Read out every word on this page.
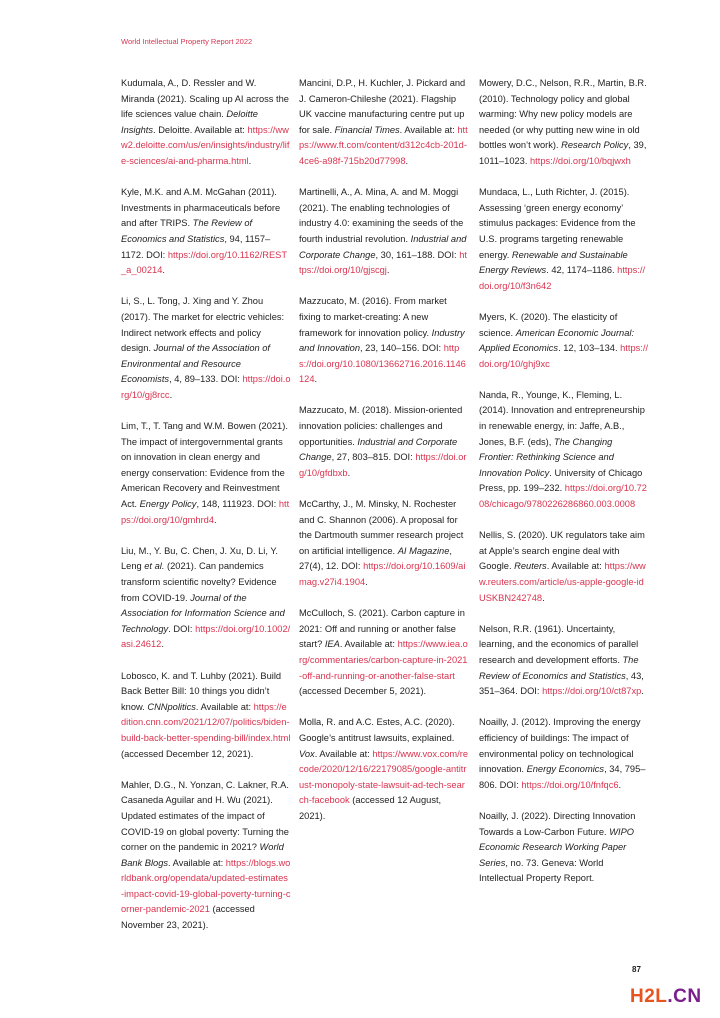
World Intellectual Property Report 2022

Kudumala, A., D. Ressler and W. Miranda (2021). Scaling up AI across the life sciences value chain. Deloitte Insights. Deloitte. Available at: https://www2.deloitte.com/us/en/insights/industry/life-sciences/ai-and-pharma.html.

Kyle, M.K. and A.M. McGahan (2011). Investments in pharmaceuticals before and after TRIPS. The Review of Economics and Statistics, 94, 1157–1172. DOI: https://doi.org/10.1162/REST_a_00214.

Li, S., L. Tong, J. Xing and Y. Zhou (2017). The market for electric vehicles: Indirect network effects and policy design. Journal of the Association of Environmental and Resource Economists, 4, 89–133. DOI: https://doi.org/10/gj8rcc.

Lim, T., T. Tang and W.M. Bowen (2021). The impact of intergovernmental grants on innovation in clean energy and energy conservation: Evidence from the American Recovery and Reinvestment Act. Energy Policy, 148, 111923. DOI: https://doi.org/10/gmhrd4.

Liu, M., Y. Bu, C. Chen, J. Xu, D. Li, Y. Leng et al. (2021). Can pandemics transform scientific novelty? Evidence from COVID-19. Journal of the Association for Information Science and Technology. DOI: https://doi.org/10.1002/asi.24612.

Lobosco, K. and T. Luhby (2021). Build Back Better Bill: 10 things you didn’t know. CNNpolitics. Available at: https://edition.cnn.com/2021/12/07/politics/biden-build-back-better-spending-bill/index.html (accessed December 12, 2021).

Mahler, D.G., N. Yonzan, C. Lakner, R.A. Casaneda Aguilar and H. Wu (2021). Updated estimates of the impact of COVID-19 on global poverty: Turning the corner on the pandemic in 2021? World Bank Blogs. Available at: https://blogs.worldbank.org/opendata/updated-estimates-impact-covid-19-global-poverty-turning-corner-pandemic-2021 (accessed November 23, 2021).

Mancini, D.P., H. Kuchler, J. Pickard and J. Cameron-Chileshe (2021). Flagship UK vaccine manufacturing centre put up for sale. Financial Times. Available at: https://www.ft.com/content/d312c4cb-201d-4ce6-a98f-715b20d77998.

Martinelli, A., A. Mina, A. and M. Moggi (2021). The enabling technologies of industry 4.0: examining the seeds of the fourth industrial revolution. Industrial and Corporate Change, 30, 161–188. DOI: https://doi.org/10/gjscgj.

Mazzucato, M. (2016). From market fixing to market-creating: A new framework for innovation policy. Industry and Innovation, 23, 140–156. DOI: https://doi.org/10.1080/13662716.2016.1146124.

Mazzucato, M. (2018). Mission-oriented innovation policies: challenges and opportunities. Industrial and Corporate Change, 27, 803–815. DOI: https://doi.org/10/gfdbxb.

McCarthy, J., M. Minsky, N. Rochester and C. Shannon (2006). A proposal for the Dartmouth summer research project on artificial intelligence. AI Magazine, 27(4), 12. DOI: https://doi.org/10.1609/aimag.v27i4.1904.

McCulloch, S. (2021). Carbon capture in 2021: Off and running or another false start? IEA. Available at: https://www.iea.org/commentaries/carbon-capture-in-2021-off-and-running-or-another-false-start (accessed December 5, 2021).

Molla, R. and A.C. Estes, A.C. (2020). Google’s antitrust lawsuits, explained. Vox. Available at: https://www.vox.com/recode/2020/12/16/22179085/google-antitrust-monopoly-state-lawsuit-ad-tech-search-facebook (accessed 12 August, 2021).

Mowery, D.C., Nelson, R.R., Martin, B.R. (2010). Technology policy and global warming: Why new policy models are needed (or why putting new wine in old bottles won’t work). Research Policy, 39, 1011–1023. https://doi.org/10/bqjwxh

Mundaca, L., Luth Richter, J. (2015). Assessing ‘green energy economy’ stimulus packages: Evidence from the U.S. programs targeting renewable energy. Renewable and Sustainable Energy Reviews. 42, 1174–1186. https://doi.org/10/f3n642

Myers, K. (2020). The elasticity of science. American Economic Journal: Applied Economics. 12, 103–134. https://doi.org/10/ghj9xc

Nanda, R., Younge, K., Fleming, L. (2014). Innovation and entrepreneurship in renewable energy, in: Jaffe, A.B., Jones, B.F. (eds), The Changing Frontier: Rethinking Science and Innovation Policy. University of Chicago Press, pp. 199–232. https://doi.org/10.7208/chicago/9780226286860.003.0008

Nellis, S. (2020). UK regulators take aim at Apple’s search engine deal with Google. Reuters. Available at: https://www.reuters.com/article/us-apple-google-idUSKBN242748.

Nelson, R.R. (1961). Uncertainty, learning, and the economics of parallel research and development efforts. The Review of Economics and Statistics, 43, 351–364. DOI: https://doi.org/10/ct87xp.

Noailly, J. (2012). Improving the energy efficiency of buildings: The impact of environmental policy on technological innovation. Energy Economics, 34, 795–806. DOI: https://doi.org/10/fnfqc6.

Noailly, J. (2022). Directing Innovation Towards a Low-Carbon Future. WIPO Economic Research Working Paper Series, no. 73. Geneva: World Intellectual Property Report.

87
H2L.CN
